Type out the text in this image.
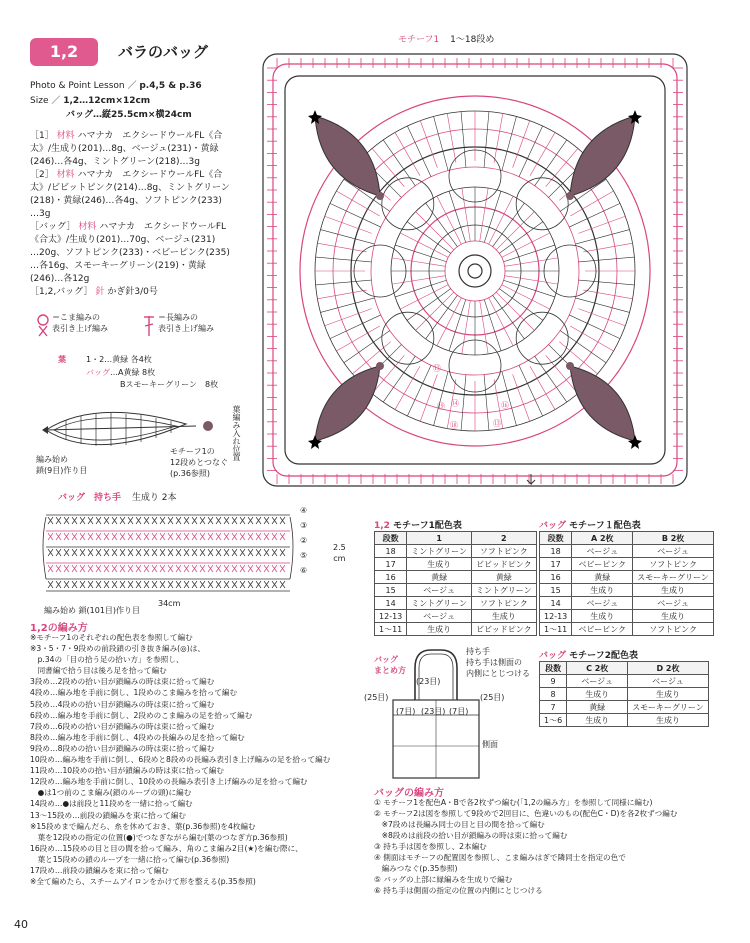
1,2	バラのバッグ
Photo & Point Lesson ／ p.4,5 & p.36
Size ／ 1,2…12cm×12cm
バッグ…縦25.5cm×横24cm
［1］ 材料 ハマナカ　エクシードウールFL《合
太》/生成り(201)…8g、ベージュ(231)・黄緑
(246)…各4g、ミントグリーン(218)…3g
［2］ 材料 ハマナカ　エクシードウールFL《合
太》/ビビットピンク(214)…8g、ミントグリーン
(218)・黄緑(246)…各4g、ソフトピンク(233)
…3g
［バッグ］ 材料 ハマナカ　エクシードウールFL
《合太》/生成り(201)…70g、ベージュ(231)
…20g、ソフトピンク(233)・ベビーピンク(235)
…各16g、スモーキーグリーン(219)・黄緑
(246)…各12g
［1,2,バッグ］ 針 かぎ針3/0号
＝こま編みの
表引き上げ編み
＝長編みの
表引き上げ編み
葉	1・2…黄緑 各4枚
バッグ…A黄緑 8枚
Bスモーキーグリーン　8枚
編み始め
鎖(9目)作り目
モチーフ1の
12段めとつなぐ
(p.36参照)
葉編み入れ位置
モチーフ1 1〜18段め
⑬
⑭
⑱
⑲	⑯
⑬
バッグ　持ち手 生成り 2本
④
③
②
⑤
⑥
2.5
cm
34cm
編み始め 鎖(101目)作り目
1,2 モチーフ1配色表
段数	1	2
18	ミントグリーン	ソフトピンク
17	生成り	ビビッドピンク
16	黄緑	黄緑
15	ベージュ	ミントグリーン
14	ミントグリーン	ソフトピンク
12-13	ベージュ	生成り
1〜11	生成り	ビビッドピンク
バッグ モチーフ１配色表
段数	A 2枚	B 2枚
18	ベージュ	ベージュ
17	ベビーピンク	ソフトピンク
16	黄緑	スモーキーグリーン
15	生成り	生成り
14	ベージュ	ベージュ
12-13	生成り	生成り
1〜11	ベビーピンク	ソフトピンク
バッグ モチーフ2配色表
段数	C 2枚	D 2枚
9	ベージュ	ベージュ
8	生成り	生成り
7	黄緑	スモーキーグリーン
1〜6	生成り	生成り
バッグ
まとめ方
(23目)
(25目)	(25目)
(7目) (23目) (7目)
持ち手
持ち手は側面の
内側にとじつける
側面
1,2の編み方
※モチーフ1のそれぞれの配色表を参照して編む
※3・5・7・9段めの前段鎖の引き抜き編み(◎)は、
　p.34の「目の拾う足の拾い方」を参照し、
　同書編で拾う目は後ろ足を拾って編む
3段め…2段めの拾い目が鎖編みの時は束に拾って編む
4段め…編み地を手前に倒し、1段めのこま編みを拾って編む
5段め…4段めの拾い目が鎖編みの時は束に拾って編む
6段め…編み地を手前に倒し、2段めのこま編みの足を拾って編む
7段め…6段めの拾い目が鎖編みの時は束に拾って編む
8段め…編み地を手前に倒し、4段めの長編みの足を拾って編む
9段め…8段めの拾い目が鎖編みの時は束に拾って編む
10段め…編み地を手前に倒し、6段めと8段めの長編み表引き上げ編みの足を拾って編む
11段め…10段めの拾い目が鎖編みの時は束に拾って編む
12段め…編み地を手前に倒し、10段めの長編み表引き上げ編みの足を拾って編む
　●は1つ前のこま編み(鎖のループの頭)に編む
14段め…●は前段と11段めを一緒に拾って編む
13〜15段め…前段の鎖編みを束に拾って編む
※15段めまで編んだら、糸を休めておき、葉(p.36参照)を4枚編む
　葉を12段めの指定の位置(●)でつなぎながら編む(葉のつなぎ方p.36参照)
16段め…15段めの目と目の間を拾って編み、角のこま編み2目(★)を編む際に、
　葉と15段めの鎖のループを一緒に拾って編む(p.36参照)
17段め…前段の鎖編みを束に拾って編む
※全て編めたら、スチームアイロンをかけて形を整える(p.35参照)
バッグの編み方
① モチーフ1を配色A・Bで各2枚ずつ編む(「1,2の編み方」を参照して同様に編む)
② モチーフ2は図を参照して9段めで2回目に、色違いのもの(配色C・D)を各2枚ずつ編む
　※7段めは長編み同士の目と目の間を拾って編む
　※8段めは前段の拾い目が鎖編みの時は束に拾って編む
③ 持ち手は図を参照し、2本編む
④ 側面はモチーフの配置図を参照し、こま編みはぎで隣同士を指定の色で
　編みつなぐ(p.35参照)
⑤ バッグの上部に縁編みを生成りで編む
⑥ 持ち手は側面の指定の位置の内側にとじつける
40
